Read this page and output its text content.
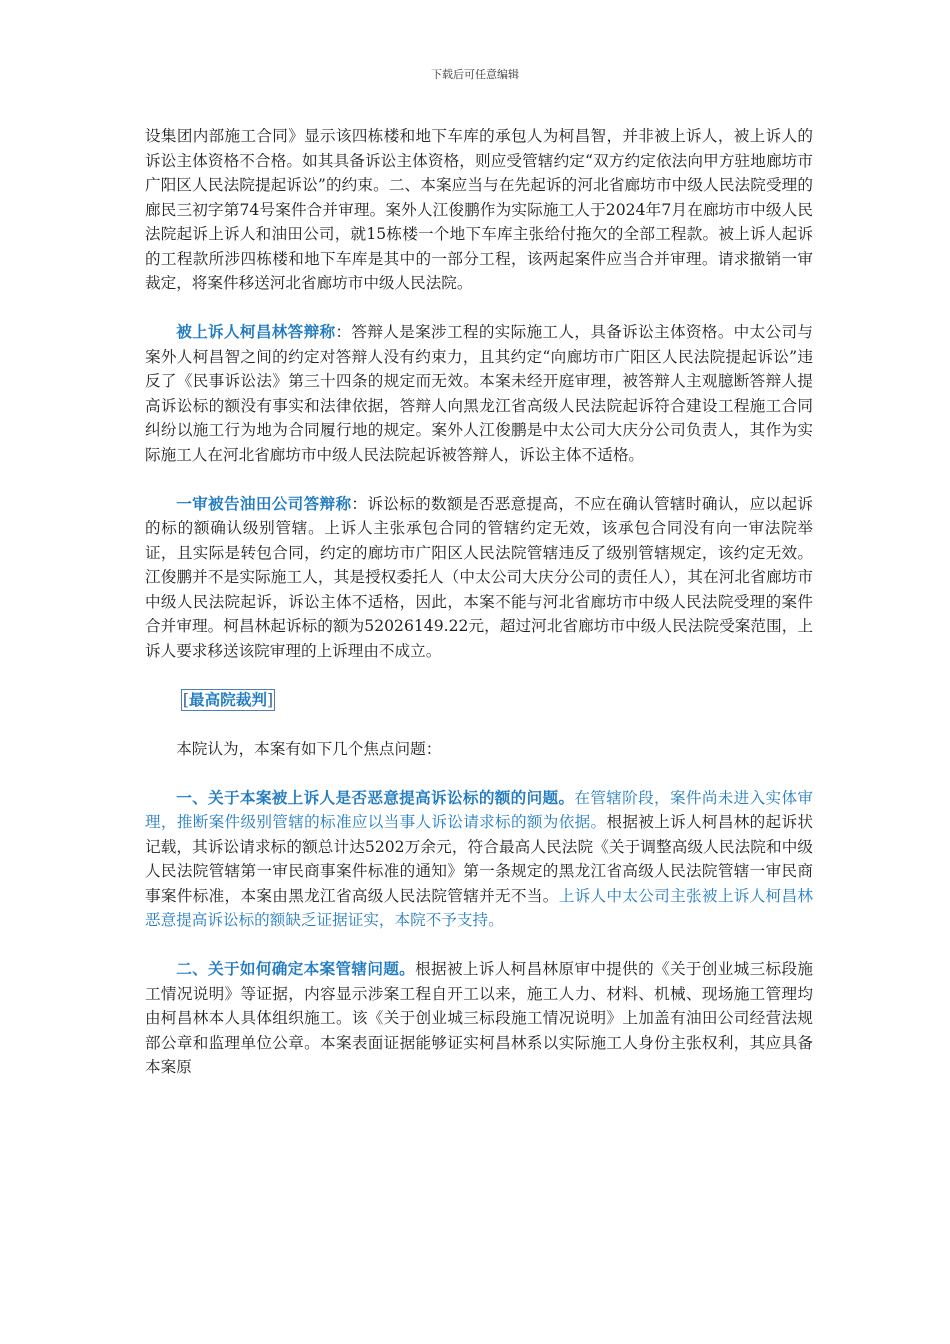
下载后可任意编辑

设集团内部施工合同》显示该四栋楼和地下车库的承包人为柯昌智，并非被上诉人，被上诉人的诉讼主体资格不合格。如其具备诉讼主体资格，则应受管辖约定“双方约定依法向甲方驻地廊坊市广阳区人民法院提起诉讼”的约束。二、本案应当与在先起诉的河北省廊坊市中级人民法院受理的廊民三初字第74号案件合并审理。案外人江俊鹏作为实际施工人于2024年7月在廊坊市中级人民法院起诉上诉人和油田公司，就15栋楼一个地下车库主张给付拖欠的全部工程款。被上诉人起诉的工程款所涉四栋楼和地下车库是其中的一部分工程，该两起案件应当合并审理。请求撤销一审裁定，将案件移送河北省廊坊市中级人民法院。

被上诉人柯昌林答辩称：答辩人是案涉工程的实际施工人，具备诉讼主体资格。中太公司与案外人柯昌智之间的约定对答辩人没有约束力，且其约定“向廊坊市广阳区人民法院提起诉讼”违反了《民事诉讼法》第三十四条的规定而无效。本案未经开庭审理，被答辩人主观臆断答辩人提高诉讼标的额没有事实和法律依据，答辩人向黑龙江省高级人民法院起诉符合建设工程施工合同纠纷以施工行为地为合同履行地的规定。案外人江俊鹏是中太公司大庆分公司负责人，其作为实际施工人在河北省廊坊市中级人民法院起诉被答辩人，诉讼主体不适格。

一审被告油田公司答辩称：诉讼标的数额是否恶意提高，不应在确认管辖时确认，应以起诉的标的额确认级别管辖。上诉人主张承包合同的管辖约定无效，该承包合同没有向一审法院举证，且实际是转包合同，约定的廊坊市广阳区人民法院管辖违反了级别管辖规定，该约定无效。江俊鹏并不是实际施工人，其是授权委托人（中太公司大庆分公司的责任人），其在河北省廊坊市中级人民法院起诉，诉讼主体不适格，因此，本案不能与河北省廊坊市中级人民法院受理的案件合并审理。柯昌林起诉标的额为52026149.22元，超过河北省廊坊市中级人民法院受案范围，上诉人要求移送该院审理的上诉理由不成立。

[最高院裁判]

本院认为，本案有如下几个焦点问题：

一、关于本案被上诉人是否恶意提高诉讼标的额的问题。在管辖阶段，案件尚未进入实体审理，推断案件级别管辖的标准应以当事人诉讼请求标的额为依据。根据被上诉人柯昌林的起诉状记载，其诉讼请求标的额总计达5202万余元，符合最高人民法院《关于调整高级人民法院和中级人民法院管辖第一审民商事案件标准的通知》第一条规定的黑龙江省高级人民法院管辖一审民商事案件标准，本案由黑龙江省高级人民法院管辖并无不当。上诉人中太公司主张被上诉人柯昌林恶意提高诉讼标的额缺乏证据证实，本院不予支持。

二、关于如何确定本案管辖问题。根据被上诉人柯昌林原审中提供的《关于创业城三标段施工情况说明》等证据，内容显示涉案工程自开工以来，施工人力、材料、机械、现场施工管理均由柯昌林本人具体组织施工。该《关于创业城三标段施工情况说明》上加盖有油田公司经营法规部公章和监理单位公章。本案表面证据能够证实柯昌林系以实际施工人身份主张权利，其应具备本案原
